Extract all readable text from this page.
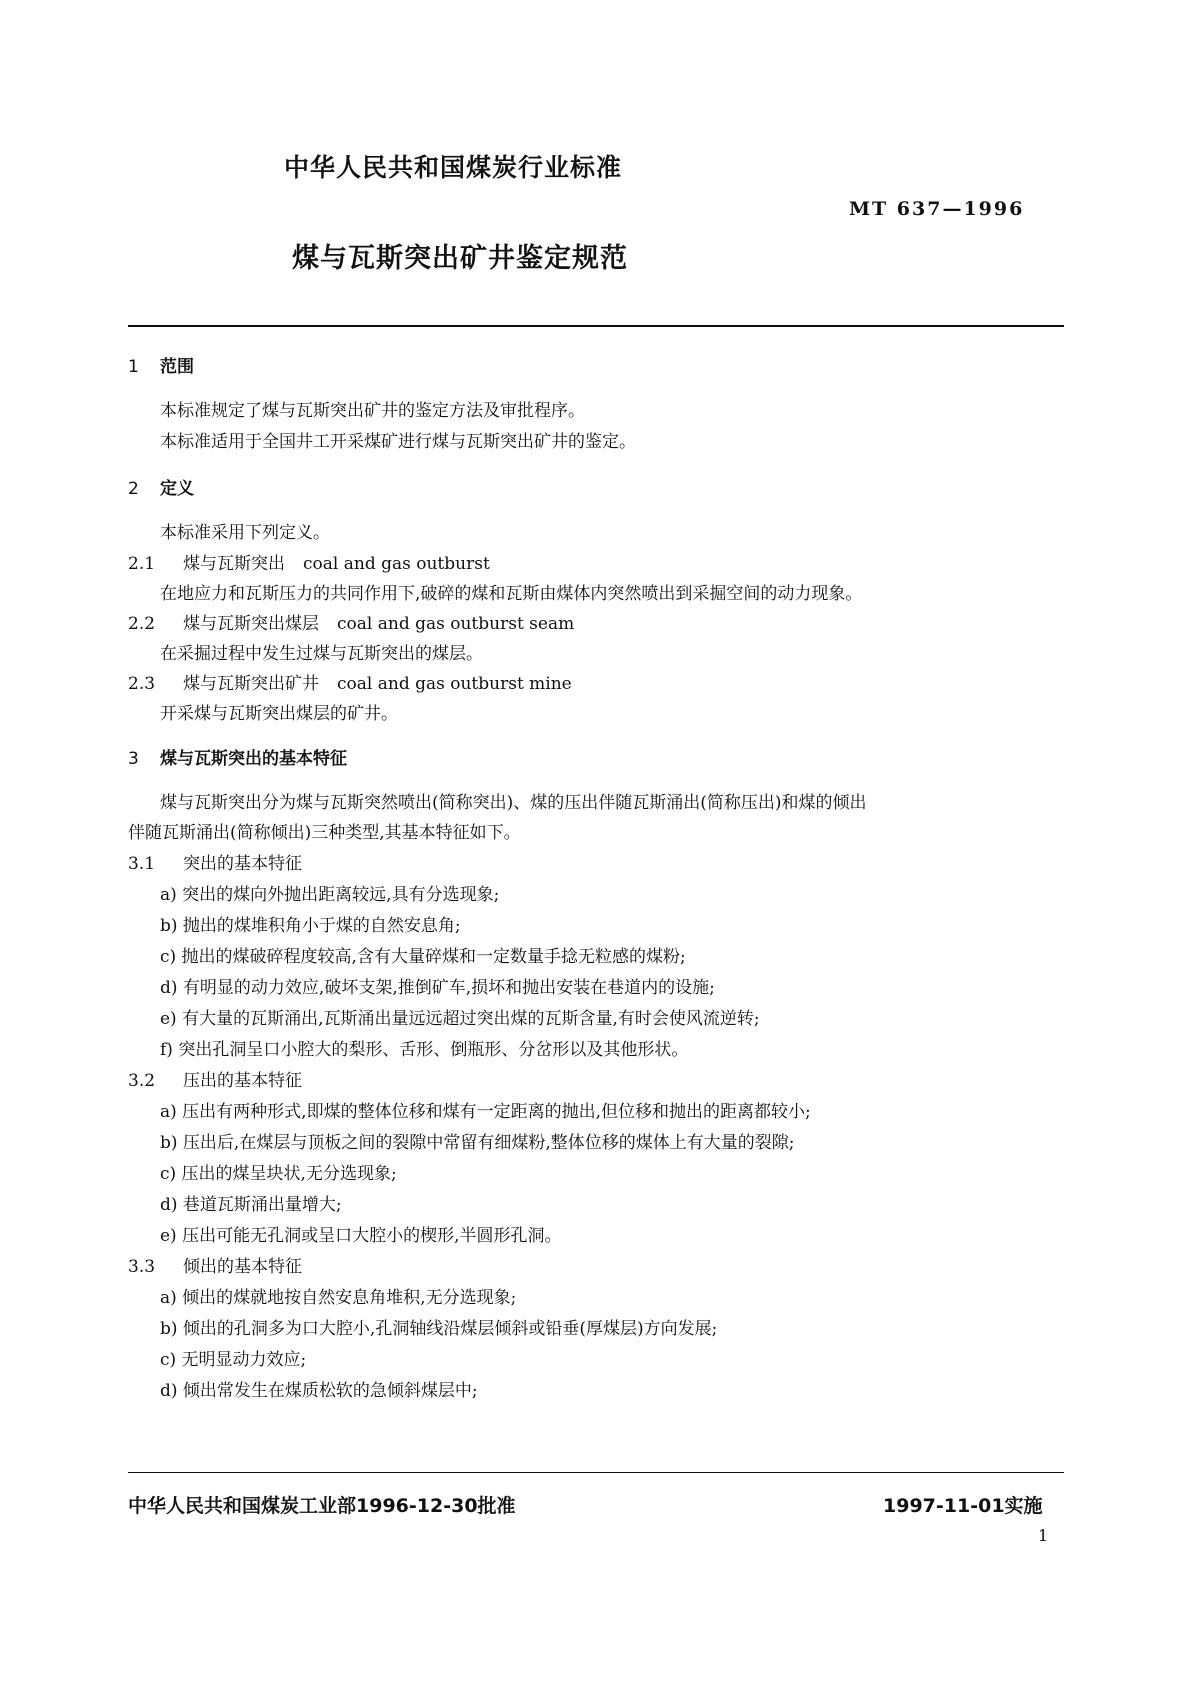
中华人民共和国煤炭行业标准
MT 637—1996
煤与瓦斯突出矿井鉴定规范
1 范围
本标准规定了煤与瓦斯突出矿井的鉴定方法及审批程序。
本标准适用于全国井工开采煤矿进行煤与瓦斯突出矿井的鉴定。
2 定义
本标准采用下列定义。
2.1 煤与瓦斯突出 coal and gas outburst
在地应力和瓦斯压力的共同作用下,破碎的煤和瓦斯由煤体内突然喷出到采掘空间的动力现象。
2.2 煤与瓦斯突出煤层 coal and gas outburst seam
在采掘过程中发生过煤与瓦斯突出的煤层。
2.3 煤与瓦斯突出矿井 coal and gas outburst mine
开采煤与瓦斯突出煤层的矿井。
3 煤与瓦斯突出的基本特征
煤与瓦斯突出分为煤与瓦斯突然喷出(简称突出)、煤的压出伴随瓦斯涌出(简称压出)和煤的倾出
伴随瓦斯涌出(简称倾出)三种类型,其基本特征如下。
3.1 突出的基本特征
a) 突出的煤向外抛出距离较远,具有分选现象;
b) 抛出的煤堆积角小于煤的自然安息角;
c) 抛出的煤破碎程度较高,含有大量碎煤和一定数量手捻无粒感的煤粉;
d) 有明显的动力效应,破坏支架,推倒矿车,损坏和抛出安装在巷道内的设施;
e) 有大量的瓦斯涌出,瓦斯涌出量远远超过突出煤的瓦斯含量,有时会使风流逆转;
f) 突出孔洞呈口小腔大的梨形、舌形、倒瓶形、分岔形以及其他形状。
3.2 压出的基本特征
a) 压出有两种形式,即煤的整体位移和煤有一定距离的抛出,但位移和抛出的距离都较小;
b) 压出后,在煤层与顶板之间的裂隙中常留有细煤粉,整体位移的煤体上有大量的裂隙;
c) 压出的煤呈块状,无分选现象;
d) 巷道瓦斯涌出量增大;
e) 压出可能无孔洞或呈口大腔小的楔形,半圆形孔洞。
3.3 倾出的基本特征
a) 倾出的煤就地按自然安息角堆积,无分选现象;
b) 倾出的孔洞多为口大腔小,孔洞轴线沿煤层倾斜或铅垂(厚煤层)方向发展;
c) 无明显动力效应;
d) 倾出常发生在煤质松软的急倾斜煤层中;
中华人民共和国煤炭工业部1996-12-30批准	1997-11-01实施
1
